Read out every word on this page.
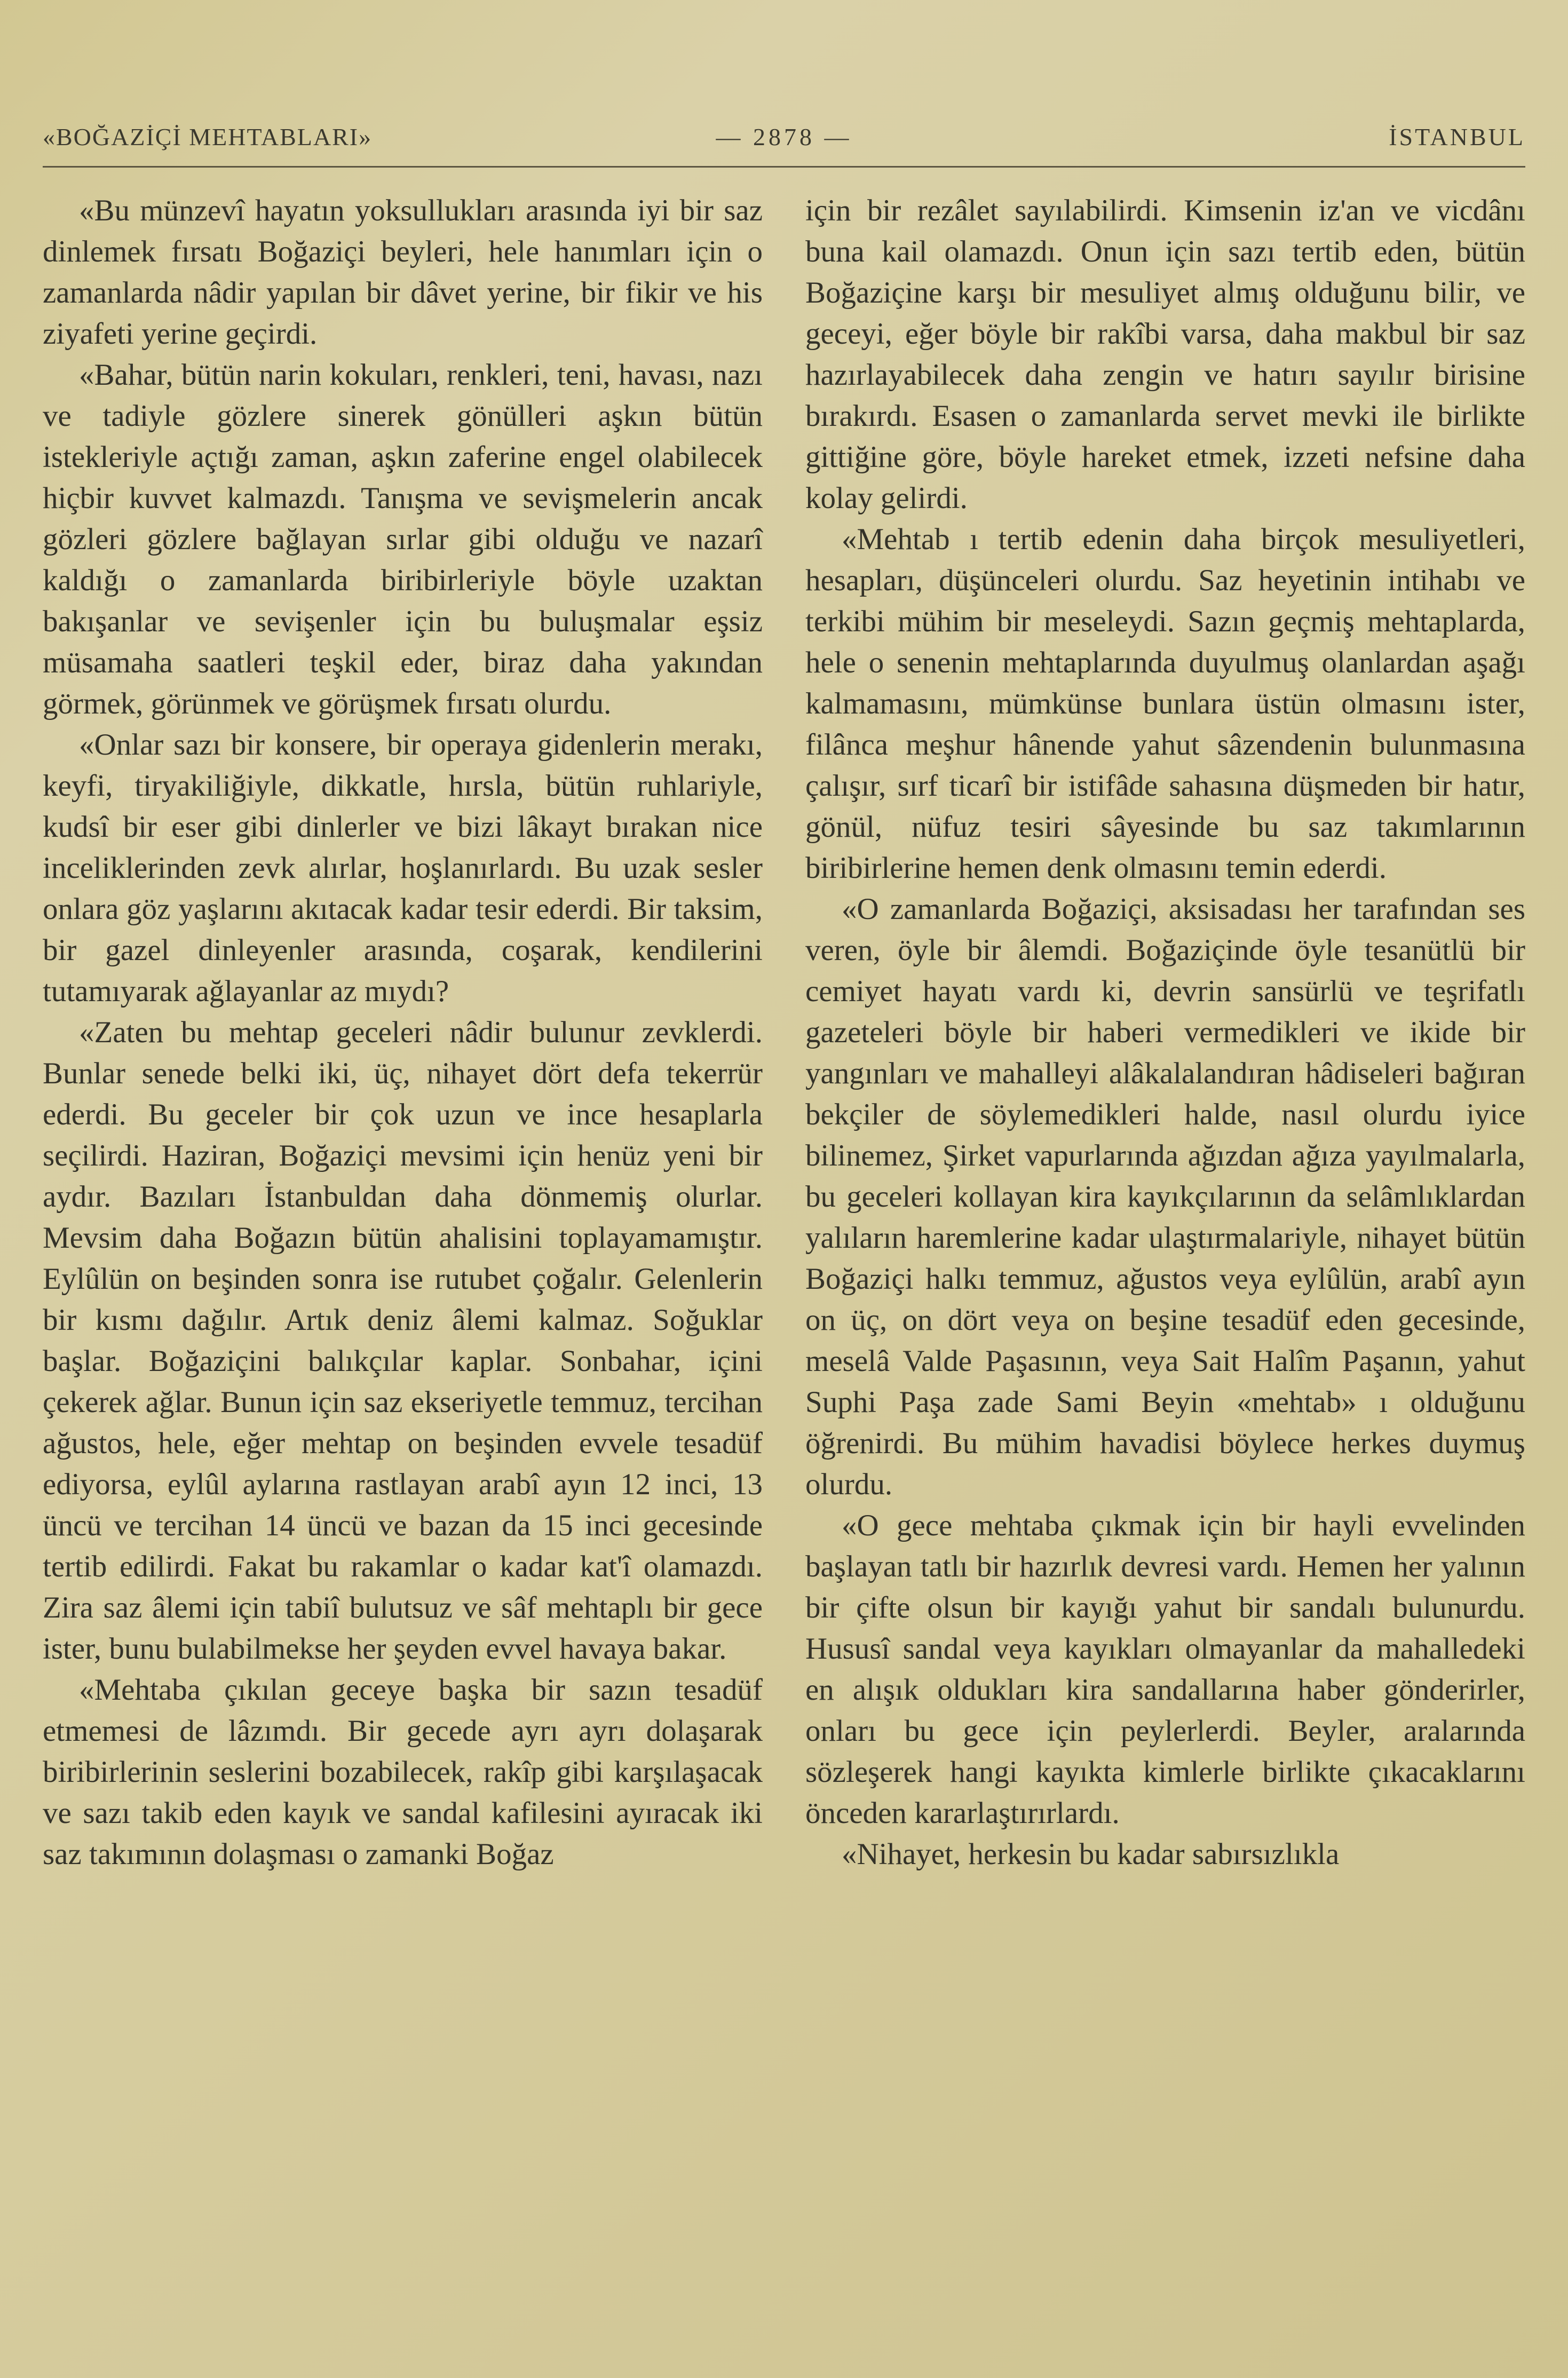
«BOĞAZİÇİ MEHTABLARI»	— 2878 —	İSTANBUL

«Bu münzevî hayatın yoksullukları arasında iyi bir saz dinlemek fırsatı Boğaziçi beyleri, hele hanımları için o zamanlarda nâdir yapılan bir dâvet yerine, bir fikir ve his ziyafeti yerine geçirdi.

«Bahar, bütün narin kokuları, renkleri, teni, havası, nazı ve tadiyle gözlere sinerek gönülleri aşkın bütün istekleriyle açtığı zaman, aşkın zaferine engel olabilecek hiçbir kuvvet kalmazdı. Tanışma ve sevişmelerin ancak gözleri gözlere bağlayan sırlar gibi olduğu ve nazarî kaldığı o zamanlarda biribirleriyle böyle uzaktan bakışanlar ve sevişenler için bu buluşmalar eşsiz müsamaha saatleri teşkil eder, biraz daha yakından görmek, görünmek ve görüşmek fırsatı olurdu.

«Onlar sazı bir konsere, bir operaya gidenlerin merakı, keyfi, tiryakiliğiyle, dikkatle, hırsla, bütün ruhlariyle, kudsî bir eser gibi dinlerler ve bizi lâkayt bırakan nice inceliklerinden zevk alırlar, hoşlanırlardı. Bu uzak sesler onlara göz yaşlarını akıtacak kadar tesir ederdi. Bir taksim, bir gazel dinleyenler arasında, coşarak, kendilerini tutamıyarak ağlayanlar az mıydı?

«Zaten bu mehtap geceleri nâdir bulunur zevklerdi. Bunlar senede belki iki, üç, nihayet dört defa tekerrür ederdi. Bu geceler bir çok uzun ve ince hesaplarla seçilirdi. Haziran, Boğaziçi mevsimi için henüz yeni bir aydır. Bazıları İstanbuldan daha dönmemiş olurlar. Mevsim daha Boğazın bütün ahalisini toplayamamıştır. Eylûlün on beşinden sonra ise rutubet çoğalır. Gelenlerin bir kısmı dağılır. Artık deniz âlemi kalmaz. Soğuklar başlar. Boğaziçini balıkçılar kaplar. Sonbahar, içini çekerek ağlar. Bunun için saz ekseriyetle temmuz, tercihan ağustos, hele, eğer mehtap on beşinden evvele tesadüf ediyorsa, eylûl aylarına rastlayan arabî ayın 12 inci, 13 üncü ve tercihan 14 üncü ve bazan da 15 inci gecesinde tertib edilirdi. Fakat bu rakamlar o kadar kat'î olamazdı. Zira saz âlemi için tabiî bulutsuz ve sâf mehtaplı bir gece ister, bunu bulabilmekse her şeyden evvel havaya bakar.

«Mehtaba çıkılan geceye başka bir sazın tesadüf etmemesi de lâzımdı. Bir gecede ayrı ayrı dolaşarak biribirlerinin seslerini bozabilecek, rakîp gibi karşılaşacak ve sazı takib eden kayık ve sandal kafilesini ayıracak iki saz takımının dolaşması o zamanki Boğaz

için bir rezâlet sayılabilirdi. Kimsenin iz'an ve vicdânı buna kail olamazdı. Onun için sazı tertib eden, bütün Boğaziçine karşı bir mesuliyet almış olduğunu bilir, ve geceyi, eğer böyle bir rakîbi varsa, daha makbul bir saz hazırlayabilecek daha zengin ve hatırı sayılır birisine bırakırdı. Esasen o zamanlarda servet mevki ile birlikte gittiğine göre, böyle hareket etmek, izzeti nefsine daha kolay gelirdi.

«Mehtab ı tertib edenin daha birçok mesuliyetleri, hesapları, düşünceleri olurdu. Saz heyetinin intihabı ve terkibi mühim bir meseleydi. Sazın geçmiş mehtaplarda, hele o senenin mehtaplarında duyulmuş olanlardan aşağı kalmamasını, mümkünse bunlara üstün olmasını ister, filânca meşhur hânende yahut sâzendenin bulunmasına çalışır, sırf ticarî bir istifâde sahasına düşmeden bir hatır, gönül, nüfuz tesiri sâyesinde bu saz takımlarının biribirlerine hemen denk olmasını temin ederdi.

«O zamanlarda Boğaziçi, aksisadası her tarafından ses veren, öyle bir âlemdi. Boğaziçinde öyle tesanütlü bir cemiyet hayatı vardı ki, devrin sansürlü ve teşrifatlı gazeteleri böyle bir haberi vermedikleri ve ikide bir yangınları ve mahalleyi alâkalalandıran hâdiseleri bağıran bekçiler de söylemedikleri halde, nasıl olurdu iyice bilinemez, Şirket vapurlarında ağızdan ağıza yayılmalarla, bu geceleri kollayan kira kayıkçılarının da selâmlıklardan yalıların haremlerine kadar ulaştırmalariyle, nihayet bütün Boğaziçi halkı temmuz, ağustos veya eylûlün, arabî ayın on üç, on dört veya on beşine tesadüf eden gecesinde, meselâ Valde Paşasının, veya Sait Halîm Paşanın, yahut Suphi Paşa zade Sami Beyin «mehtab» ı olduğunu öğrenirdi. Bu mühim havadisi böylece herkes duymuş olurdu.

«O gece mehtaba çıkmak için bir hayli evvelinden başlayan tatlı bir hazırlık devresi vardı. Hemen her yalının bir çifte olsun bir kayığı yahut bir sandalı bulunurdu. Hususî sandal veya kayıkları olmayanlar da mahalledeki en alışık oldukları kira sandallarına haber gönderirler, onları bu gece için peylerlerdi. Beyler, aralarında sözleşerek hangi kayıkta kimlerle birlikte çıkacaklarını önceden kararlaştırırlardı.

«Nihayet, herkesin bu kadar sabırsızlıkla
